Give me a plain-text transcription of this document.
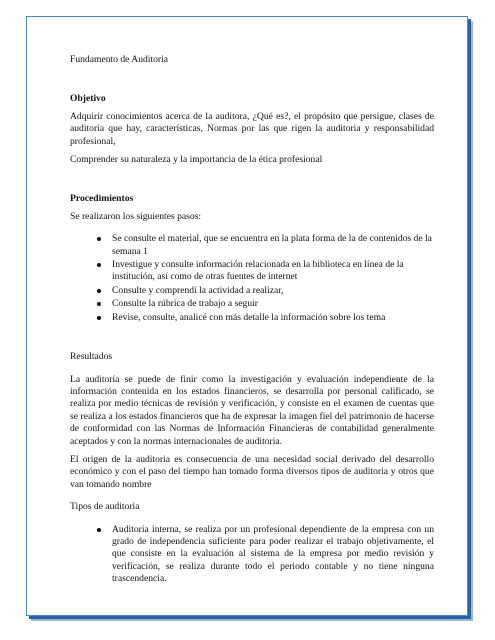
Fundamento de Auditoria

Objetivo

Adquirir conocimientos acerca de la auditora, ¿Qué es?, el propósito que persigue, clases de auditoria que hay, características, Normas por las que rigen la auditoria y responsabilidad profesional,

Comprender su naturaleza y la importancia de la ética profesional

Procedimientos

Se realizaron los siguientes pasos:

Se consulte el material, que se encuentra en la plata forma de la de contenidos de la semana 1
Investigue y consulte información relacionada en la biblioteca en línea de la institución, así como de otras fuentes de internet
Consulte y comprendí la actividad a realizar,
Consulte la rúbrica de trabajo a seguir
Revise, consulte, analicé con más detalle la información sobre los tema

Resultados

La auditoría se puede de finir como la investigación y evaluación independiente de la información contenida en los estados financieros, se desarrolla por personal calificado, se realiza por medio técnicas de revisión y verificación, y consiste en el examen de cuentas que se realiza a los estados financieros que ha de expresar la imagen fiel del patrimonio de hacerse de conformidad con las Normas de Información Financieras de contabilidad generalmente aceptados y con la normas internacionales de auditoria.

El origen de la auditoria es consecuencia de una necesidad social derivado del desarrollo económico y con el paso del tiempo han tomado forma diversos tipos de auditoria y otros que van tomando nombre

Tipos de auditoria

Auditoria interna, se realiza por un profesional dependiente de la empresa con un grado de independencia suficiente para poder realizar el trabajo objetivamente, el que consiste en la evaluación al sistema de la empresa por medio revisión y verificación, se realiza durante todo el periodo contable y no tiene ninguna trascendencia.
